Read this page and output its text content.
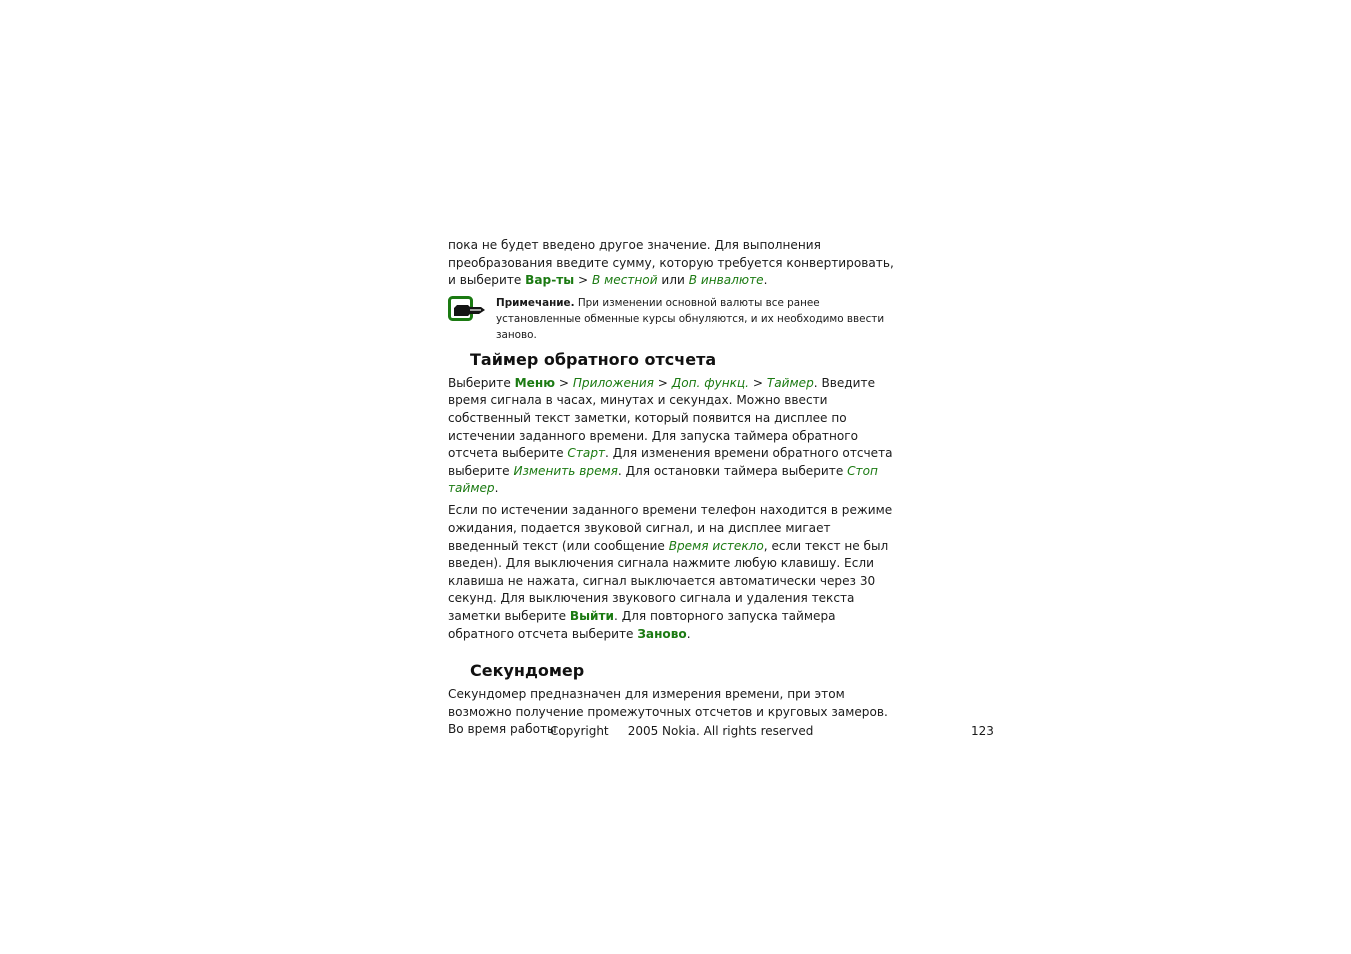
пока не будет введено другое значение. Для выполнения преобразования введите сумму, которую требуется конвертировать, и выберите Вар-ты > В местной или В инвалюте.

Примечание. При изменении основной валюты все ранее установленные обменные курсы обнуляются, и их необходимо ввести заново.
Таймер обратного отсчета

Выберите Меню > Приложения > Доп. функц. > Таймер. Введите время сигнала в часах, минутах и секундах. Можно ввести собственный текст заметки, который появится на дисплее по истечении заданного времени. Для запуска таймера обратного отсчета выберите Старт. Для изменения времени обратного отсчета выберите Изменить время. Для остановки таймера выберите Стоп таймер.

Если по истечении заданного времени телефон находится в режиме ожидания, подается звуковой сигнал, и на дисплее мигает введенный текст (или сообщение Время истекло, если текст не был введен). Для выключения сигнала нажмите любую клавишу. Если клавиша не нажата, сигнал выключается автоматически через 30 секунд. Для выключения звукового сигнала и удаления текста заметки выберите Выйти. Для повторного запуска таймера обратного отсчета выберите Заново.

Секундомер

Секундомер предназначен для измерения времени, при этом возможно получение промежуточных отсчетов и круговых замеров. Во время работы

Copyright     2005 Nokia. All rights reserved	123
